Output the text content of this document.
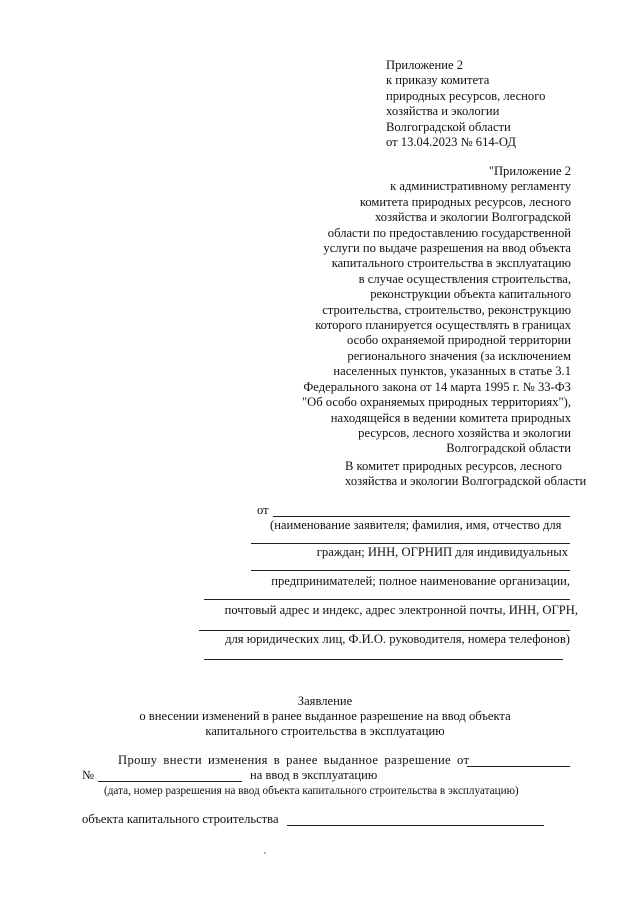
Приложение 2
к приказу комитета
природных ресурсов, лесного
хозяйства и экологии
Волгоградской области
от 13.04.2023 № 614-ОД
"Приложение 2
к административному регламенту
комитета природных ресурсов, лесного
хозяйства и экологии Волгоградской
области по предоставлению государственной
услуги по выдаче разрешения на ввод объекта
капитального строительства в эксплуатацию
в случае осуществления строительства,
реконструкции объекта капитального
строительства, строительство, реконструкцию
которого планируется осуществлять в границах
особо охраняемой природной территории
регионального значения (за исключением
населенных пунктов, указанных в статье 3.1
Федерального закона от 14 марта 1995 г. № 33-ФЗ
"Об особо охраняемых природных территориях"),
находящейся в ведении комитета природных
ресурсов, лесного хозяйства и экологии
Волгоградской области
В комитет природных ресурсов, лесного
хозяйства и экологии Волгоградской области
от
(наименование заявителя; фамилия, имя, отчество для
граждан; ИНН, ОГРНИП для индивидуальных
предпринимателей; полное наименование организации,
почтовый адрес и индекс, адрес электронной почты, ИНН, ОГРН,
для юридических лиц, Ф.И.О. руководителя, номера телефонов)
Заявление
о внесении изменений в ранее выданное разрешение на ввод объекта
капитального строительства в эксплуатацию
Прошу внести изменения в ранее выданное разрешение от
№	на ввод в эксплуатацию
(дата, номер разрешения на ввод объекта капитального строительства в эксплуатацию)
объекта капитального строительства
